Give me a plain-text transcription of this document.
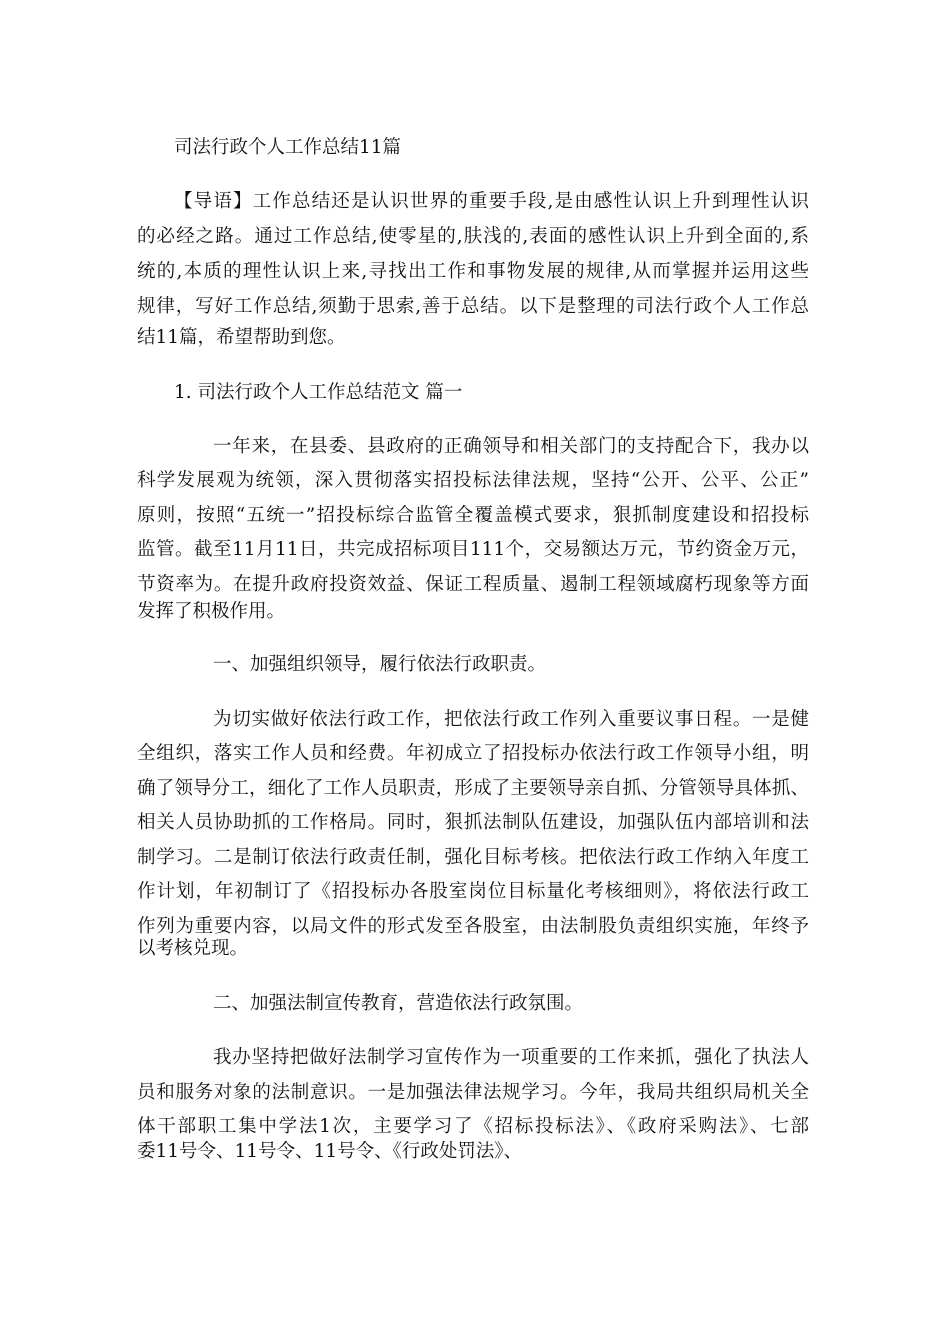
司法行政个人工作总结11篇
【导语】工作总结还是认识世界的重要手段,是由感性认识上升到理性认识
的必经之路。通过工作总结,使零星的,肤浅的,表面的感性认识上升到全面的,系
统的,本质的理性认识上来,寻找出工作和事物发展的规律,从而掌握并运用这些
规律，写好工作总结,须勤于思索,善于总结。以下是整理的司法行政个人工作总
结11篇，希望帮助到您。
1. 司法行政个人工作总结范文 篇一
一年来，在县委、县政府的正确领导和相关部门的支持配合下，我办以
科学发展观为统领，深入贯彻落实招投标法律法规，坚持“公开、公平、公正”
原则，按照“五统一”招投标综合监管全覆盖模式要求，狠抓制度建设和招投标
监管。截至11月11日，共完成招标项目111个，交易额达万元，节约资金万元，
节资率为。在提升政府投资效益、保证工程质量、遏制工程领域腐朽现象等方面
发挥了积极作用。
一、加强组织领导，履行依法行政职责。
为切实做好依法行政工作，把依法行政工作列入重要议事日程。一是健
全组织，落实工作人员和经费。年初成立了招投标办依法行政工作领导小组，明
确了领导分工，细化了工作人员职责，形成了主要领导亲自抓、分管领导具体抓、
相关人员协助抓的工作格局。同时，狠抓法制队伍建设，加强队伍内部培训和法
制学习。二是制订依法行政责任制，强化目标考核。把依法行政工作纳入年度工
作计划，年初制订了《招投标办各股室岗位目标量化考核细则》，将依法行政工
作列为重要内容，以局文件的形式发至各股室，由法制股负责组织实施，年终予
以考核兑现。
二、加强法制宣传教育，营造依法行政氛围。
我办坚持把做好法制学习宣传作为一项重要的工作来抓，强化了执法人
员和服务对象的法制意识。一是加强法律法规学习。今年，我局共组织局机关全
体干部职工集中学法1次，主要学习了《招标投标法》、《政府采购法》、七部
委11号令、11号令、11号令、《行政处罚法》、
